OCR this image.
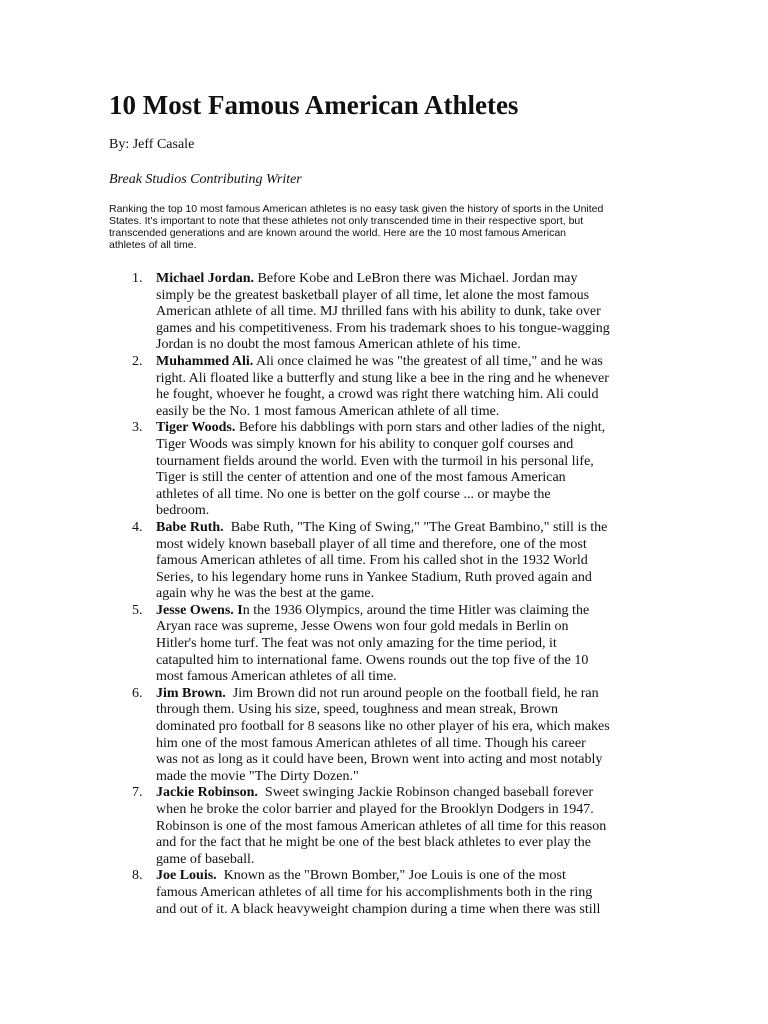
10 Most Famous American Athletes

By: Jeff Casale

Break Studios Contributing Writer

Ranking the top 10 most famous American athletes is no easy task given the history of sports in the United
States. It's important to note that these athletes not only transcended time in their respective sport, but
transcended generations and are known around the world. Here are the 10 most famous American
athletes of all time.
1. Michael Jordan. Before Kobe and LeBron there was Michael. Jordan may
simply be the greatest basketball player of all time, let alone the most famous
American athlete of all time. MJ thrilled fans with his ability to dunk, take over
games and his competitiveness. From his trademark shoes to his tongue-wagging
Jordan is no doubt the most famous American athlete of his time.
2. Muhammed Ali. Ali once claimed he was "the greatest of all time," and he was
right. Ali floated like a butterfly and stung like a bee in the ring and he whenever
he fought, whoever he fought, a crowd was right there watching him. Ali could
easily be the No. 1 most famous American athlete of all time.
3. Tiger Woods. Before his dabblings with porn stars and other ladies of the night,
Tiger Woods was simply known for his ability to conquer golf courses and
tournament fields around the world. Even with the turmoil in his personal life,
Tiger is still the center of attention and one of the most famous American
athletes of all time. No one is better on the golf course ... or maybe the
bedroom.
4. Babe Ruth.  Babe Ruth, "The King of Swing," "The Great Bambino," still is the
most widely known baseball player of all time and therefore, one of the most
famous American athletes of all time. From his called shot in the 1932 World
Series, to his legendary home runs in Yankee Stadium, Ruth proved again and
again why he was the best at the game.
5. Jesse Owens. In the 1936 Olympics, around the time Hitler was claiming the
Aryan race was supreme, Jesse Owens won four gold medals in Berlin on
Hitler's home turf. The feat was not only amazing for the time period, it
catapulted him to international fame. Owens rounds out the top five of the 10
most famous American athletes of all time.
6. Jim Brown.  Jim Brown did not run around people on the football field, he ran
through them. Using his size, speed, toughness and mean streak, Brown
dominated pro football for 8 seasons like no other player of his era, which makes
him one of the most famous American athletes of all time. Though his career
was not as long as it could have been, Brown went into acting and most notably
made the movie "The Dirty Dozen."
7. Jackie Robinson.  Sweet swinging Jackie Robinson changed baseball forever
when he broke the color barrier and played for the Brooklyn Dodgers in 1947.
Robinson is one of the most famous American athletes of all time for this reason
and for the fact that he might be one of the best black athletes to ever play the
game of baseball.
8. Joe Louis.  Known as the "Brown Bomber," Joe Louis is one of the most
famous American athletes of all time for his accomplishments both in the ring
and out of it. A black heavyweight champion during a time when there was still
